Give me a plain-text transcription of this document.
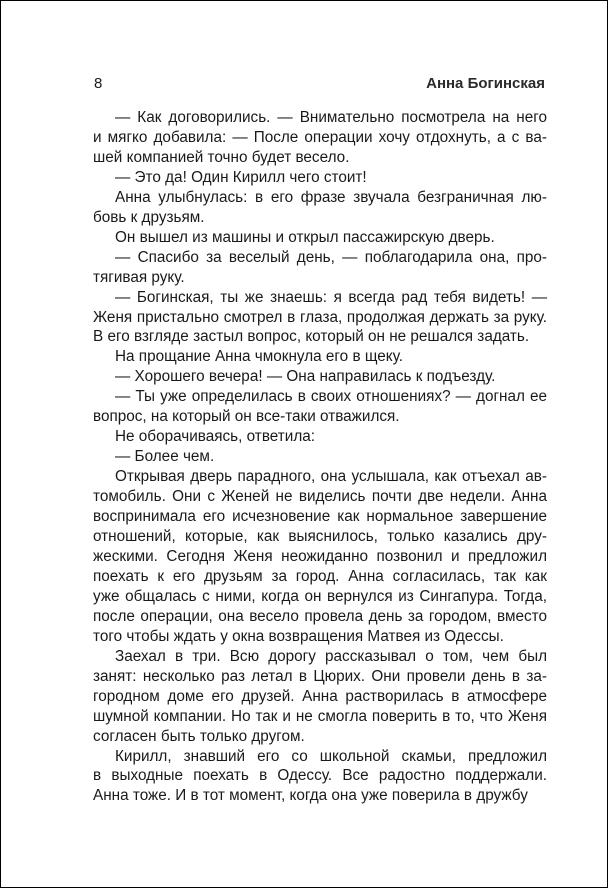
8	Анна Богинская
— Как договорились. — Внимательно посмотрела на него
и мягко добавила: — После операции хочу отдохнуть, а с ва-
шей компанией точно будет весело.
— Это да! Один Кирилл чего стоит!
Анна улыбнулась: в его фразе звучала безграничная лю-
бовь к друзьям.
Он вышел из машины и открыл пассажирскую дверь.
— Спасибо за веселый день, — поблагодарила она, про-
тягивая руку.
— Богинская, ты же знаешь: я всегда рад тебя видеть! —
Женя пристально смотрел в глаза, продолжая держать за руку.
В его взгляде застыл вопрос, который он не решался задать.
На прощание Анна чмокнула его в щеку.
— Хорошего вечера! — Она направилась к подъезду.
— Ты уже определилась в своих отношениях? — догнал ее
вопрос, на который он все-таки отважился.
Не оборачиваясь, ответила:
— Более чем.
Открывая дверь парадного, она услышала, как отъехал ав-
томобиль. Они с Женей не виделись почти две недели. Анна
воспринимала его исчезновение как нормальное завершение
отношений, которые, как выяснилось, только казались дру-
жескими. Сегодня Женя неожиданно позвонил и предложил
поехать к его друзьям за город. Анна согласилась, так как
уже общалась с ними, когда он вернулся из Сингапура. Тогда,
после операции, она весело провела день за городом, вместо
того чтобы ждать у окна возвращения Матвея из Одессы.
Заехал в три. Всю дорогу рассказывал о том, чем был
занят: несколько раз летал в Цюрих. Они провели день в за-
городном доме его друзей. Анна растворилась в атмосфере
шумной компании. Но так и не смогла поверить в то, что Женя
согласен быть только другом.
Кирилл, знавший его со школьной скамьи, предложил
в выходные поехать в Одессу. Все радостно поддержали.
Анна тоже. И в тот момент, когда она уже поверила в дружбу
